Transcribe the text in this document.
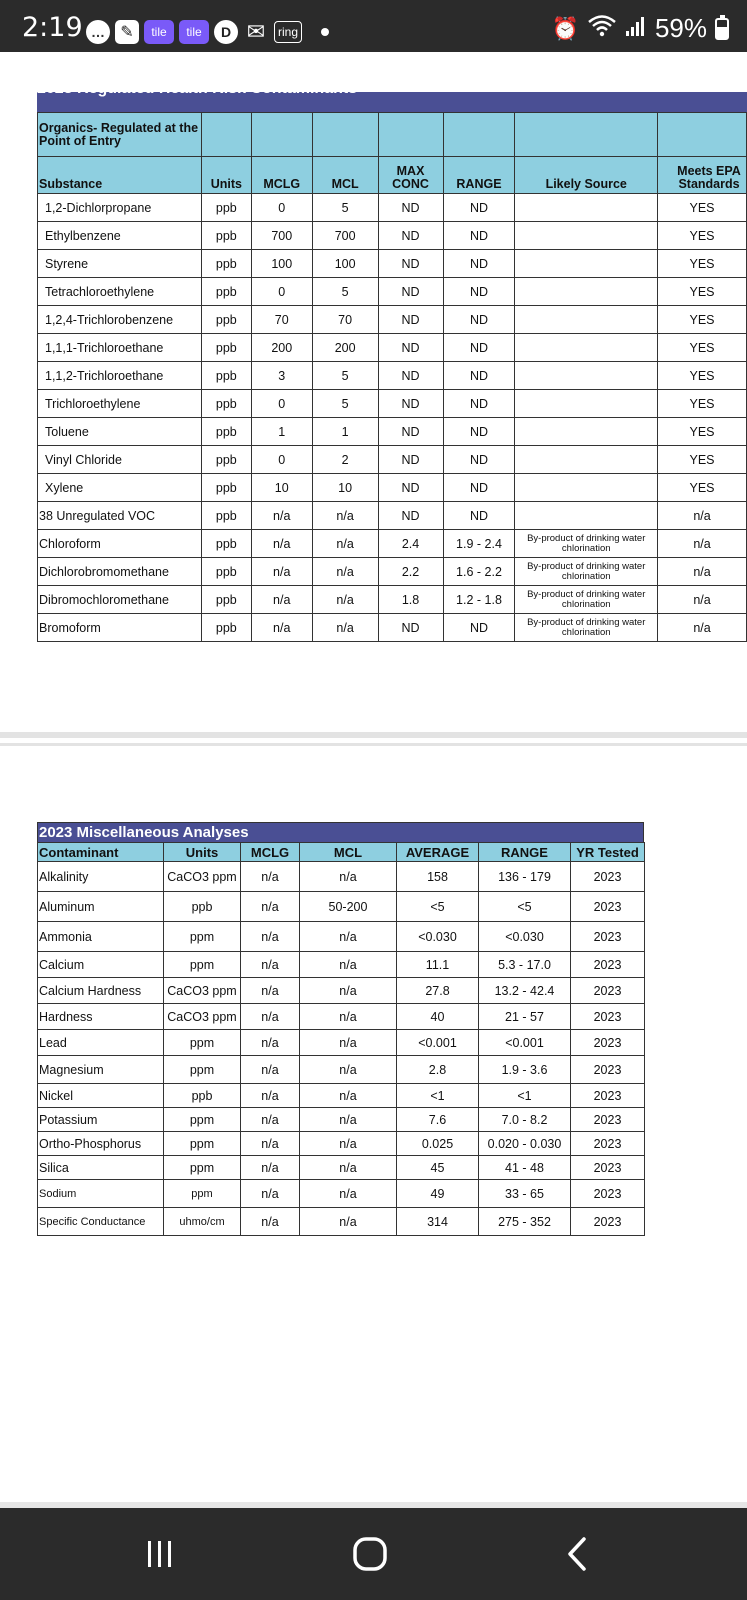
2:19 … ✎	tile	tile	D ✉	ring	⏰	59%
2023 Regulated Health Risk Contaminants
Organics- Regulated at the Point of Entry							
Substance	Units	MCLG	MCL	MAX CONC	RANGE	Likely Source	Meets EPA Standards
1,2-Dichlorpropane	ppb	0	5	ND	ND		YES
Ethylbenzene	ppb	700	700	ND	ND		YES
Styrene	ppb	100	100	ND	ND		YES
Tetrachloroethylene	ppb	0	5	ND	ND		YES
1,2,4-Trichlorobenzene	ppb	70	70	ND	ND		YES
1,1,1-Trichloroethane	ppb	200	200	ND	ND		YES
1,1,2-Trichloroethane	ppb	3	5	ND	ND		YES
Trichloroethylene	ppb	0	5	ND	ND		YES
Toluene	ppb	1	1	ND	ND		YES
Vinyl Chloride	ppb	0	2	ND	ND		YES
Xylene	ppb	10	10	ND	ND		YES
38 Unregulated VOC	ppb	n/a	n/a	ND	ND		n/a
Chloroform	ppb	n/a	n/a	2.4	1.9 - 2.4	By-product of drinking water chlorination	n/a
Dichlorobromomethane	ppb	n/a	n/a	2.2	1.6 - 2.2	By-product of drinking water chlorination	n/a
Dibromochloromethane	ppb	n/a	n/a	1.8	1.2 - 1.8	By-product of drinking water chlorination	n/a
Bromoform	ppb	n/a	n/a	ND	ND	By-product of drinking water chlorination	n/a
2023 Miscellaneous Analyses
Contaminant	Units	MCLG	MCL	AVERAGE	RANGE	YR Tested
Alkalinity	CaCO3 ppm	n/a	n/a	158	136 - 179	2023
Aluminum	ppb	n/a	50-200	<5	<5	2023
Ammonia	ppm	n/a	n/a	<0.030	<0.030	2023
Calcium	ppm	n/a	n/a	11.1	5.3 - 17.0	2023
Calcium Hardness	CaCO3 ppm	n/a	n/a	27.8	13.2 - 42.4	2023
Hardness	CaCO3 ppm	n/a	n/a	40	21 - 57	2023
Lead	ppm	n/a	n/a	<0.001	<0.001	2023
Magnesium	ppm	n/a	n/a	2.8	1.9 - 3.6	2023
Nickel	ppb	n/a	n/a	<1	<1	2023
Potassium	ppm	n/a	n/a	7.6	7.0 - 8.2	2023
Ortho-Phosphorus	ppm	n/a	n/a	0.025	0.020 - 0.030	2023
Silica	ppm	n/a	n/a	45	41 - 48	2023
Sodium	ppm	n/a	n/a	49	33 - 65	2023
Specific Conductance	uhmo/cm	n/a	n/a	314	275 - 352	2023
